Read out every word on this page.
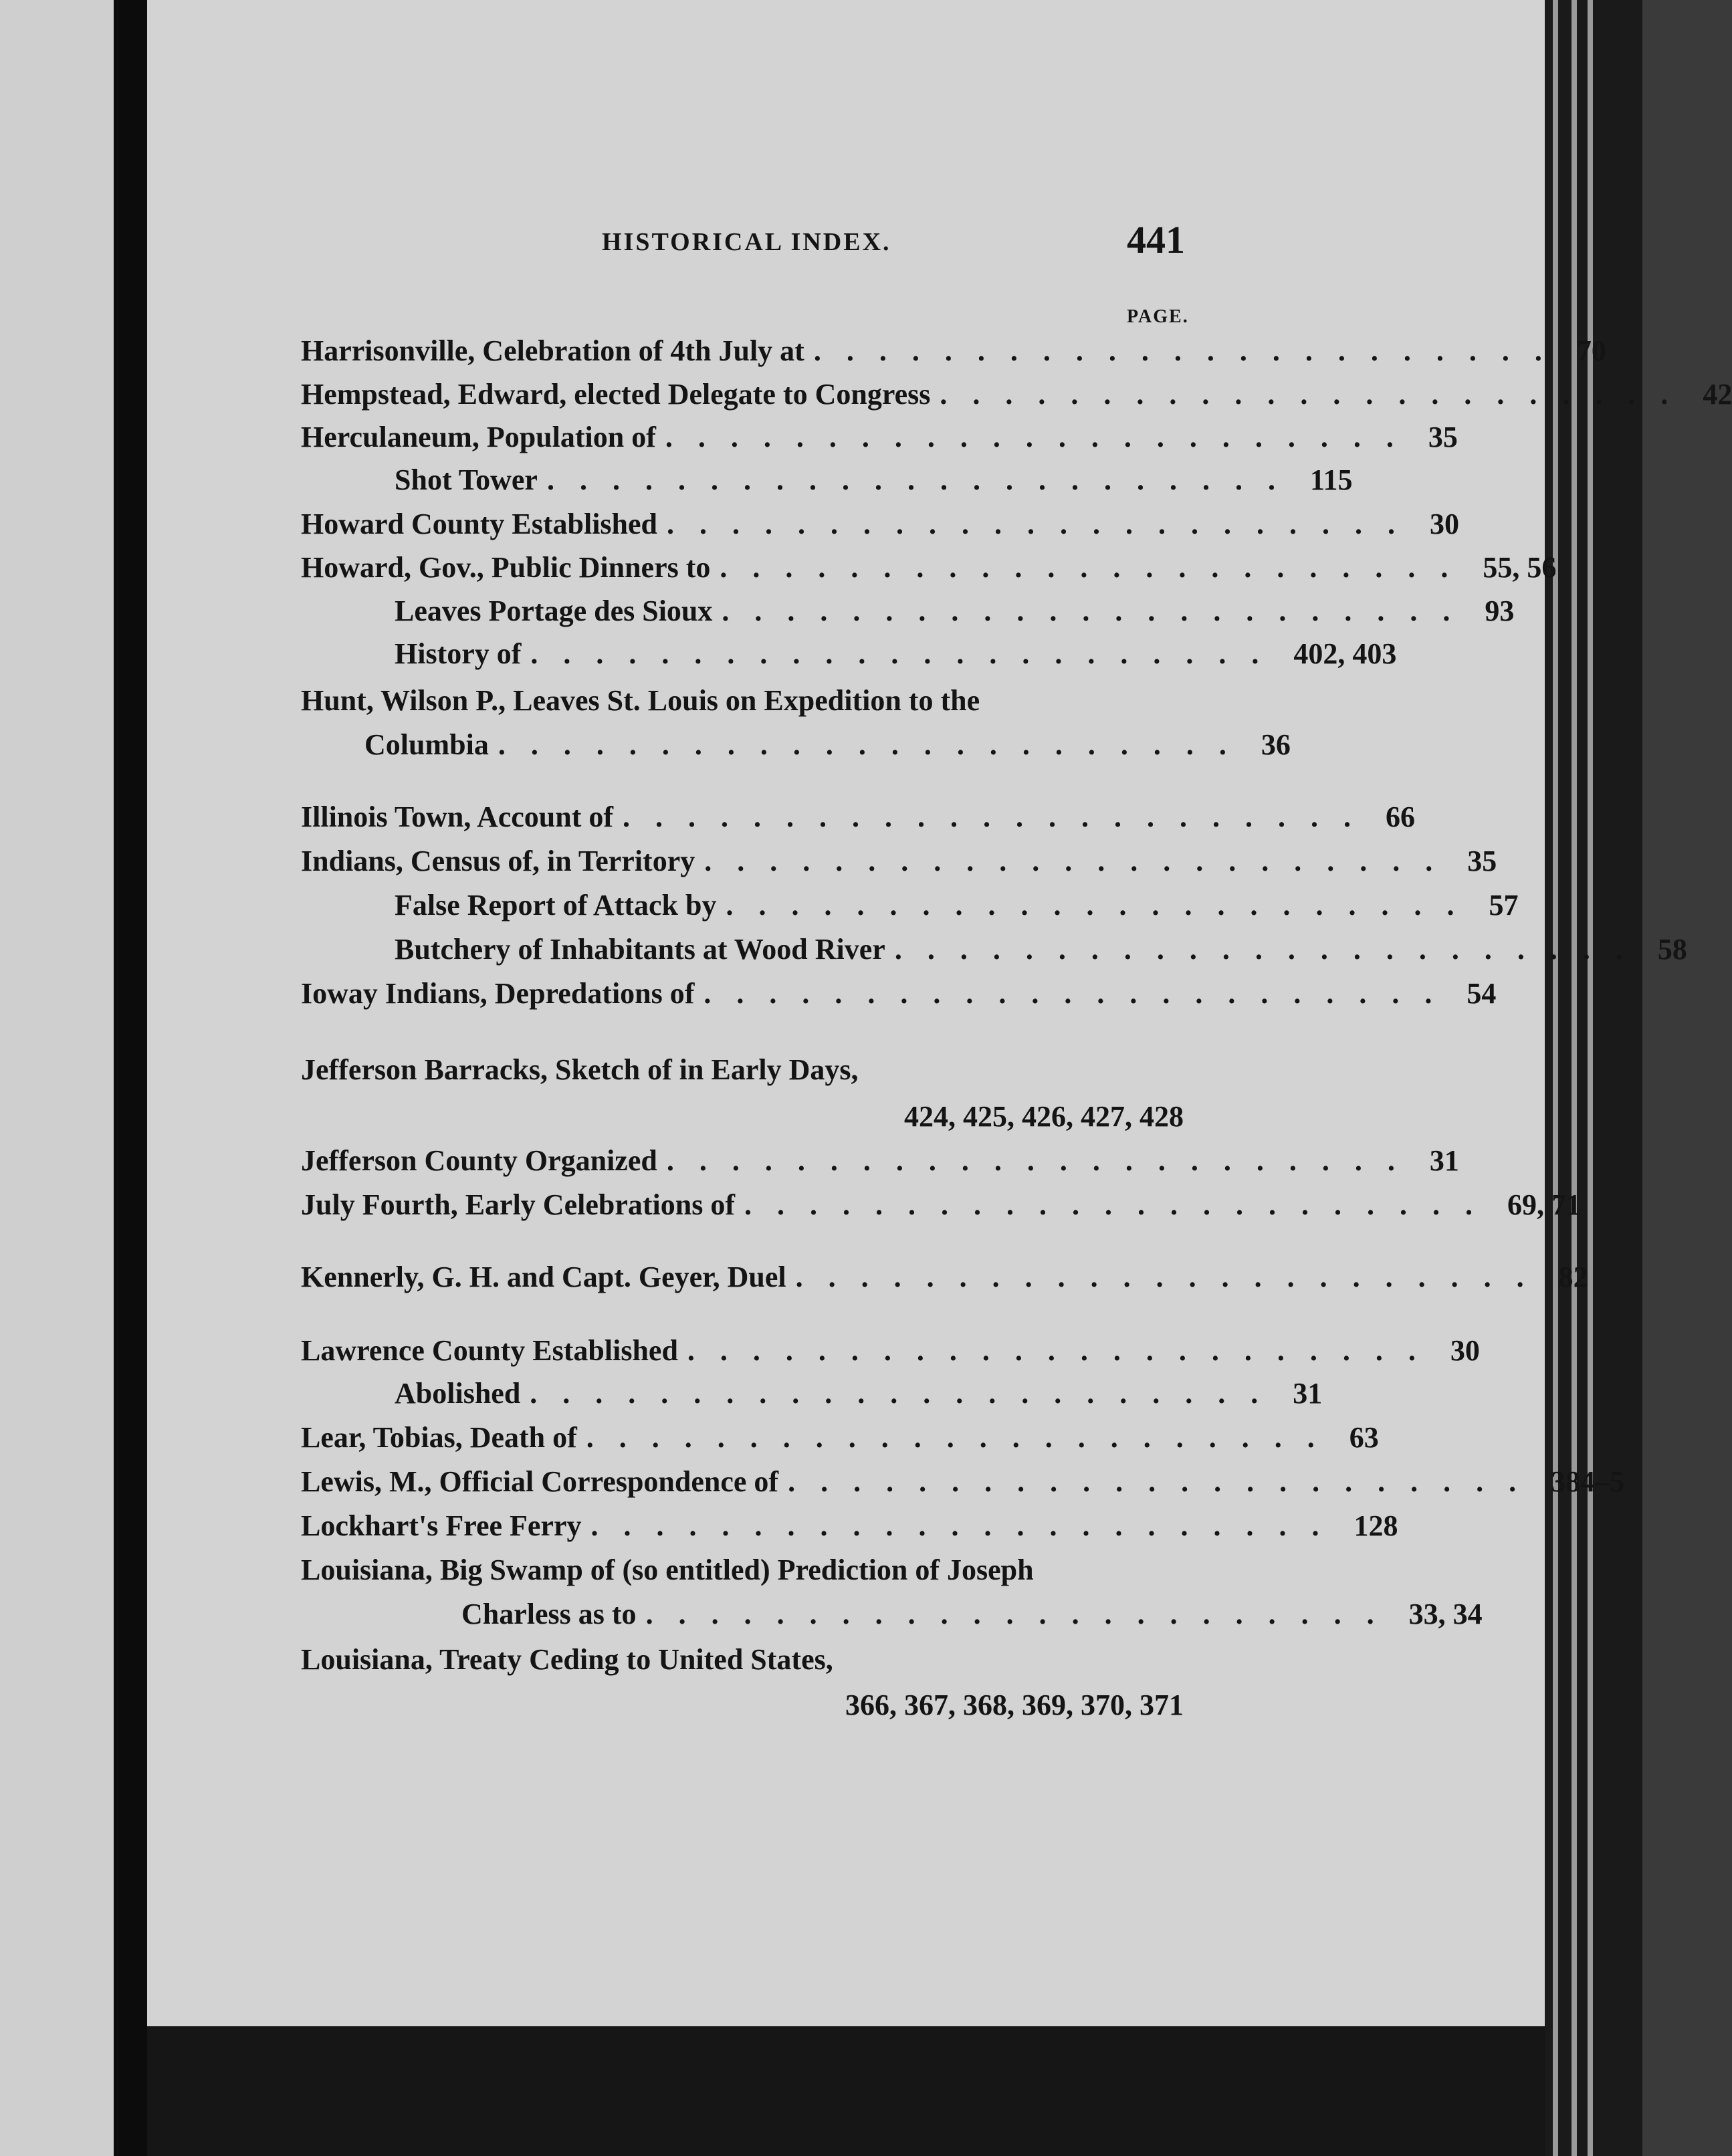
HISTORICAL INDEX.	441
PAGE.
Harrisonville, Celebration of 4th July at ....................... 70
Hempstead, Edward, elected Delegate to Congress ....................... 42
Herculaneum, Population of ....................... 35
Shot Tower ....................... 115
Howard County Established ....................... 30
Howard, Gov., Public Dinners to ....................... 55, 56
Leaves Portage des Sioux ....................... 93
History of ....................... 402, 403
Hunt, Wilson P., Leaves St. Louis on Expedition to the
Columbia ....................... 36
Illinois Town, Account of ....................... 66
Indians, Census of, in Territory ....................... 35
False Report of Attack by ....................... 57
Butchery of Inhabitants at Wood River ....................... 58
Ioway Indians, Depredations of ....................... 54
Jefferson Barracks, Sketch of in Early Days,
424, 425, 426, 427, 428
Jefferson County Organized ....................... 31
July Fourth, Early Celebrations of ....................... 69, 71
Kennerly, G. H. and Capt. Geyer, Duel ....................... 82
Lawrence County Established ....................... 30
Abolished ....................... 31
Lear, Tobias, Death of ....................... 63
Lewis, M., Official Correspondence of ....................... 384–5
Lockhart's Free Ferry ....................... 128
Louisiana, Big Swamp of (so entitled) Prediction of Joseph
Charless as to ....................... 33, 34
Louisiana, Treaty Ceding to United States,
366, 367, 368, 369, 370, 371
